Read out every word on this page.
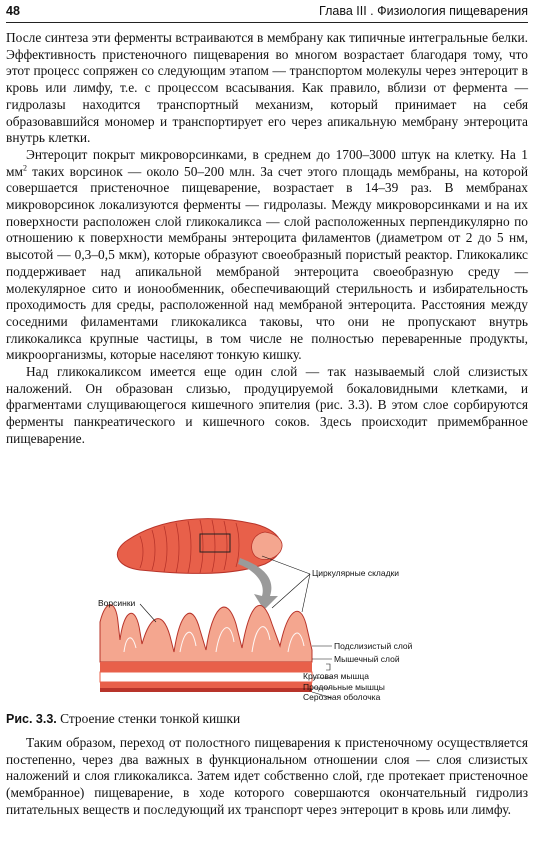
48	Глава III . Физиология пищеварения

После синтеза эти ферменты встраиваются в мембрану как типичные интегральные белки. Эффективность пристеночного пищеварения во многом возрастает благодаря тому, что этот процесс сопряжен со следующим этапом — транспортом молекулы через энтероцит в кровь или лимфу, т.е. с процессом всасывания. Как правило, вблизи от фермента — гидролазы находится транспортный механизм, который принимает на себя образовавшийся мономер и транспортирует его через апикальную мембрану энтероцита внутрь клетки.

Энтероцит покрыт микроворсинками, в среднем до 1700–3000 штук на клетку. На 1 $мм^2$ таких ворсинок — около 50–200 млн. За счет этого площадь мембраны, на которой совершается пристеночное пищеварение, возрастает в 14–39 раз. В мембранах микроворсинок локализуются ферменты — гидролазы. Между микроворсинками и на их поверхности расположен слой гликокаликса — слой расположенных перпендикулярно по отношению к поверхности мембраны энтероцита филаментов (диаметром от 2 до 5 нм, высотой — 0,3–0,5 мкм), которые образуют своеобразный пористый реактор. Гликокаликс поддерживает над апикальной мембраной энтероцита своеобразную среду — молекулярное сито и ионообменник, обеспечивающий стерильность и избирательность проходимость для среды, расположенной над мембраной энтероцита. Расстояния между соседними филаментами гликокаликса таковы, что они не пропускают внутрь гликокаликса крупные частицы, в том числе не полностью переваренные продукты, микроорганизмы, которые населяют тонкую кишку.

Над гликокаликсом имеется еще один слой — так называемый слой слизистых наложений. Он образован слизью, продуцируемой бокаловидными клетками, и фрагментами слущивающегося кишечного эпителия (рис. 3.3). В этом слое сорбируются ферменты панкреатического и кишечного соков. Здесь происходит примембранное пищеварение.

Циркулярные складки
Ворсинки
Подслизистый слой
Мышечный слой
Круговая мышца
Продольные мышцы
Серозная оболочка
Рис. 3.3. Строение стенки тонкой кишки

Таким образом, переход от полостного пищеварения к пристеночному осуществляется постепенно, через два важных в функциональном отношении слоя — слоя слизистых наложений и слоя гликокаликса. Затем идет собственно слой, где протекает пристеночное (мембранное) пищеварение, в ходе которого совершаются окончательный гидролиз питательных веществ и последующий их транспорт через энтероцит в кровь или лимфу.
